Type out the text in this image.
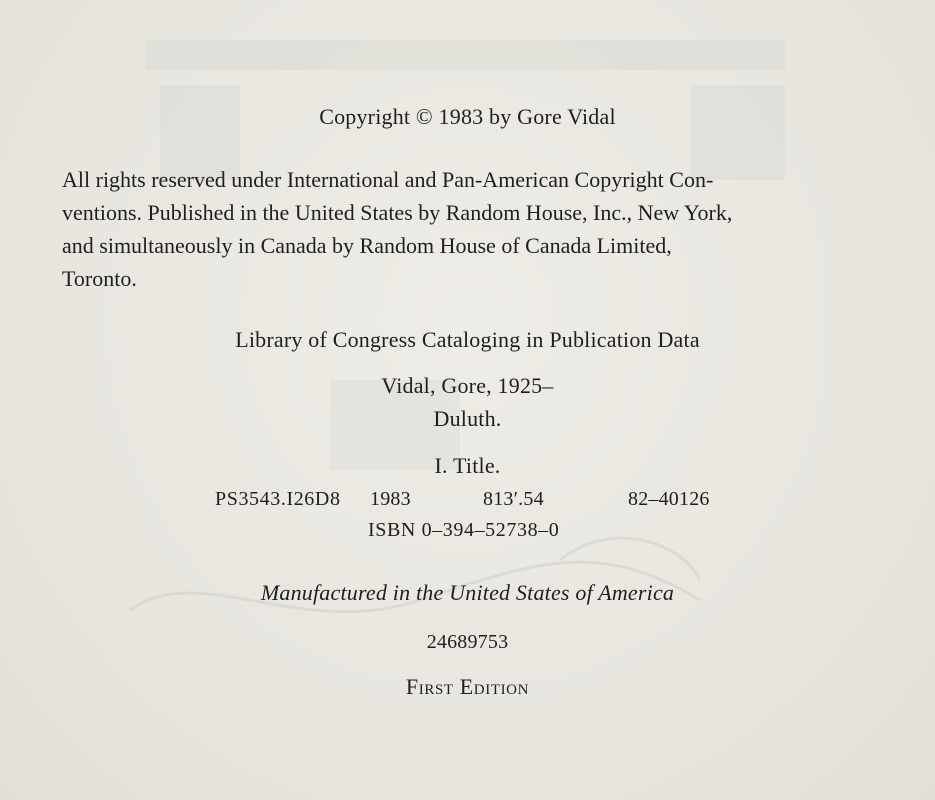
Copyright © 1983 by Gore Vidal
All rights reserved under International and Pan-American Copyright Con-
ventions. Published in the United States by Random House, Inc., New York,
and simultaneously in Canada by Random House of Canada Limited,
Toronto.
Library of Congress Cataloging in Publication Data
Vidal, Gore, 1925–
Duluth.
I. Title.
PS3543.I26D8 1983	813′.54	82–40126
ISBN 0–394–52738–0
Manufactured in the United States of America
24689753
First Edition
